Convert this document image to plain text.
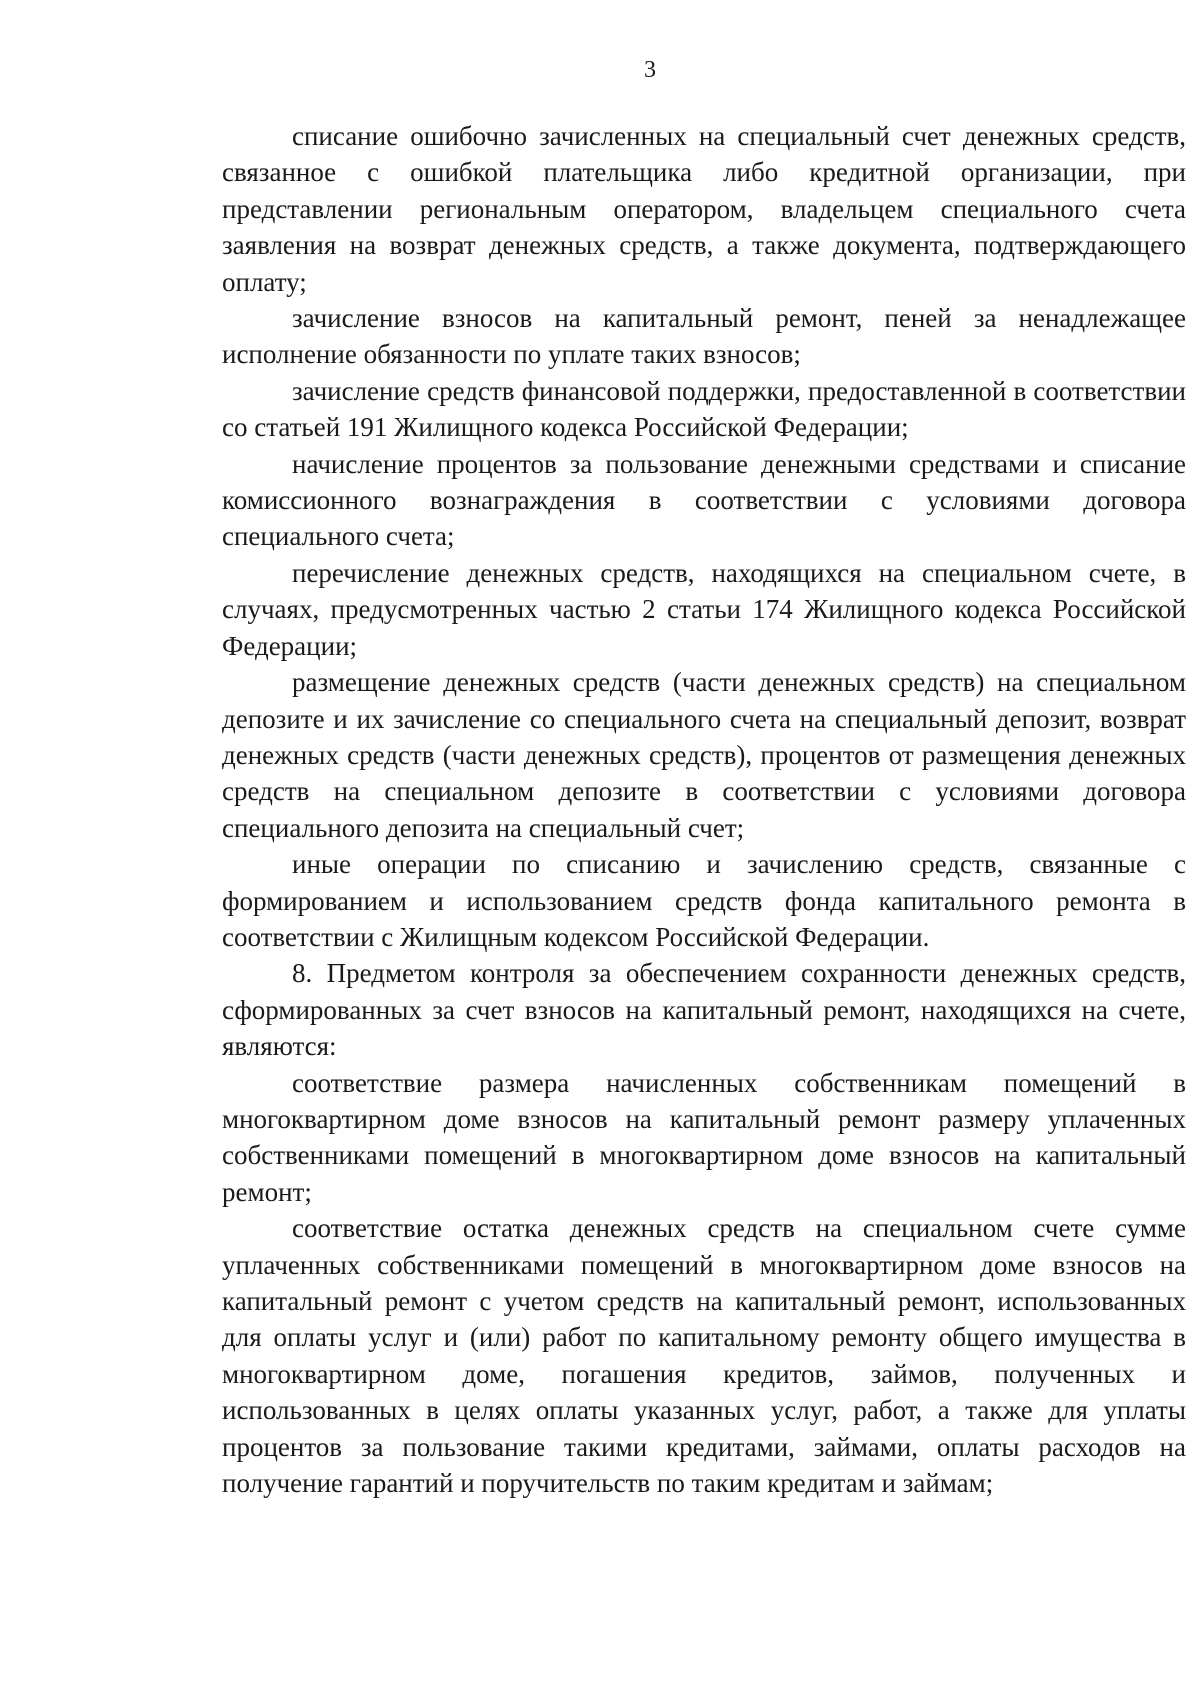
3

списание ошибочно зачисленных на специальный счет денежных средств, связанное с ошибкой плательщика либо кредитной организации, при представлении региональным оператором, владельцем специального счета заявления на возврат денежных средств, а также документа, подтверждающего оплату;

зачисление взносов на капитальный ремонт, пеней за ненадлежащее исполнение обязанности по уплате таких взносов;

зачисление средств финансовой поддержки, предоставленной в соответствии со статьей 191 Жилищного кодекса Российской Федерации;

начисление процентов за пользование денежными средствами и списание комиссионного вознаграждения в соответствии с условиями договора специального счета;

перечисление денежных средств, находящихся на специальном счете, в случаях, предусмотренных частью 2 статьи 174 Жилищного кодекса Российской Федерации;

размещение денежных средств (части денежных средств) на специальном депозите и их зачисление со специального счета на специальный депозит, возврат денежных средств (части денежных средств), процентов от размещения денежных средств на специальном депозите в соответствии с условиями договора специального депозита на специальный счет;

иные операции по списанию и зачислению средств, связанные с формированием и использованием средств фонда капитального ремонта в соответствии с Жилищным кодексом Российской Федерации.

8. Предметом контроля за обеспечением сохранности денежных средств, сформированных за счет взносов на капитальный ремонт, находящихся на счете, являются:

соответствие размера начисленных собственникам помещений в многоквартирном доме взносов на капитальный ремонт размеру уплаченных собственниками помещений в многоквартирном доме взносов на капитальный ремонт;

соответствие остатка денежных средств на специальном счете сумме уплаченных собственниками помещений в многоквартирном доме взносов на капитальный ремонт с учетом средств на капитальный ремонт, использованных для оплаты услуг и (или) работ по капитальному ремонту общего имущества в многоквартирном доме, погашения кредитов, займов, полученных и использованных в целях оплаты указанных услуг, работ, а также для уплаты процентов за пользование такими кредитами, займами, оплаты расходов на получение гарантий и поручительств по таким кредитам и займам;
